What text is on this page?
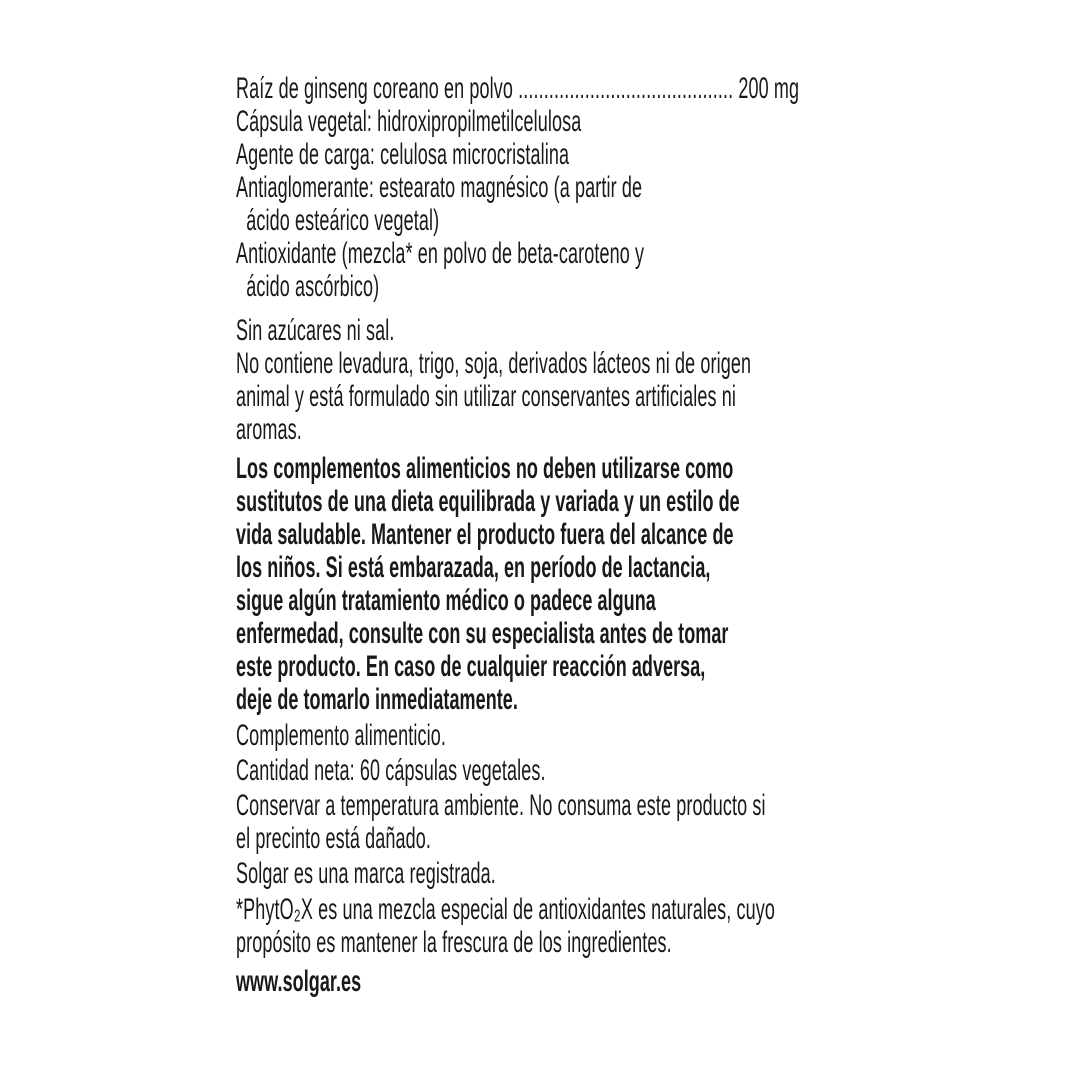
Raíz de ginseng coreano en polvo .......................................... 200 mg
Cápsula vegetal: hidroxipropilmetilcelulosa
Agente de carga: celulosa microcristalina
Antiaglomerante: estearato magnésico (a partir de
ácido esteárico vegetal)
Antioxidante (mezcla* en polvo de beta-caroteno y
ácido ascórbico)
Sin azúcares ni sal.
No contiene levadura, trigo, soja, derivados lácteos ni de origen
animal y está formulado sin utilizar conservantes artificiales ni
aromas.
Los complementos alimenticios no deben utilizarse como
sustitutos de una dieta equilibrada y variada y un estilo de
vida saludable. Mantener el producto fuera del alcance de
los niños. Si está embarazada, en período de lactancia,
sigue algún tratamiento médico o padece alguna
enfermedad, consulte con su especialista antes de tomar
este producto. En caso de cualquier reacción adversa,
deje de tomarlo inmediatamente.
Complemento alimenticio.
Cantidad neta: 60 cápsulas vegetales.
Conservar a temperatura ambiente. No consuma este producto si
el precinto está dañado.
Solgar es una marca registrada.
*PhytO₂X es una mezcla especial de antioxidantes naturales, cuyo
propósito es mantener la frescura de los ingredientes.
www.solgar.es
